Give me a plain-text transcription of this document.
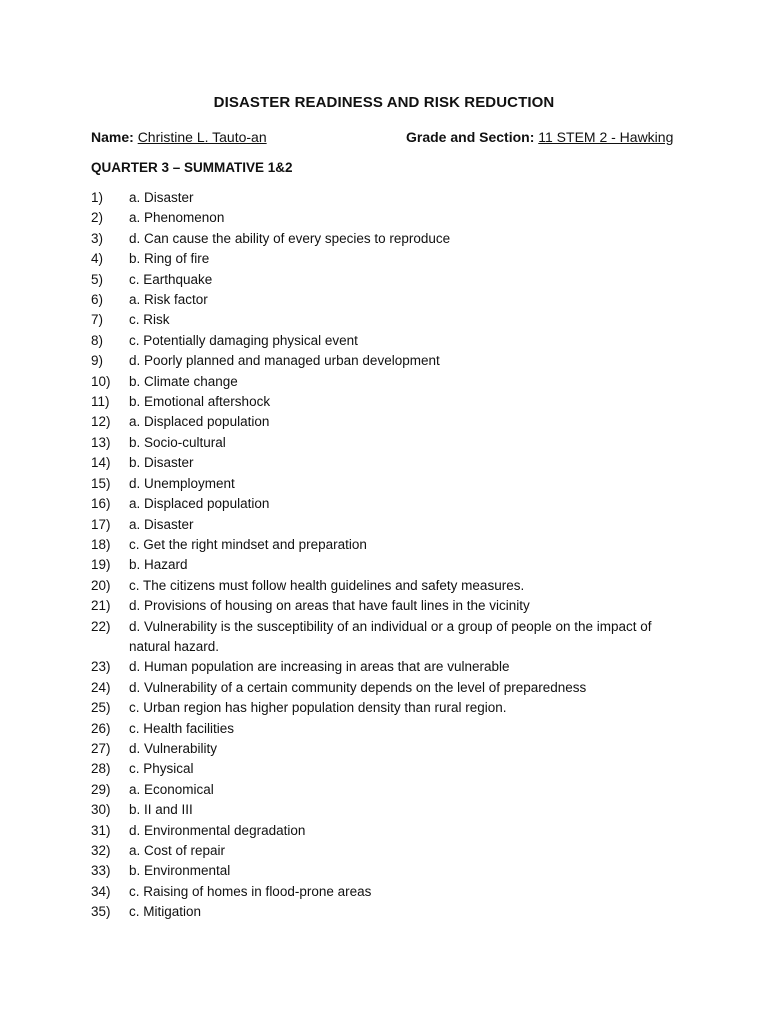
DISASTER READINESS AND RISK REDUCTION
Name: Christine L. Tauto-an	Grade and Section: 11 STEM 2 - Hawking
QUARTER 3 – SUMMATIVE 1&2
1)	a. Disaster
2)	a. Phenomenon
3)	d. Can cause the ability of every species to reproduce
4)	b. Ring of fire
5)	c. Earthquake
6)	a. Risk factor
7)	c. Risk
8)	c. Potentially damaging physical event
9)	d. Poorly planned and managed urban development
10)	b. Climate change
11)	b. Emotional aftershock
12)	a. Displaced population
13)	b. Socio-cultural
14)	b. Disaster
15)	d. Unemployment
16)	a. Displaced population
17)	a. Disaster
18)	c. Get the right mindset and preparation
19)	b. Hazard
20)	c. The citizens must follow health guidelines and safety measures.
21)	d. Provisions of housing on areas that have fault lines in the vicinity
22)	d. Vulnerability is the susceptibility of an individual or a group of people on the impact of natural hazard.
23)	d. Human population are increasing in areas that are vulnerable
24)	d. Vulnerability of a certain community depends on the level of preparedness
25)	c. Urban region has higher population density than rural region.
26)	c. Health facilities
27)	d. Vulnerability
28)	c. Physical
29)	a. Economical
30)	b. II and III
31)	d. Environmental degradation
32)	a. Cost of repair
33)	b. Environmental
34)	c. Raising of homes in flood-prone areas
35)	c. Mitigation
